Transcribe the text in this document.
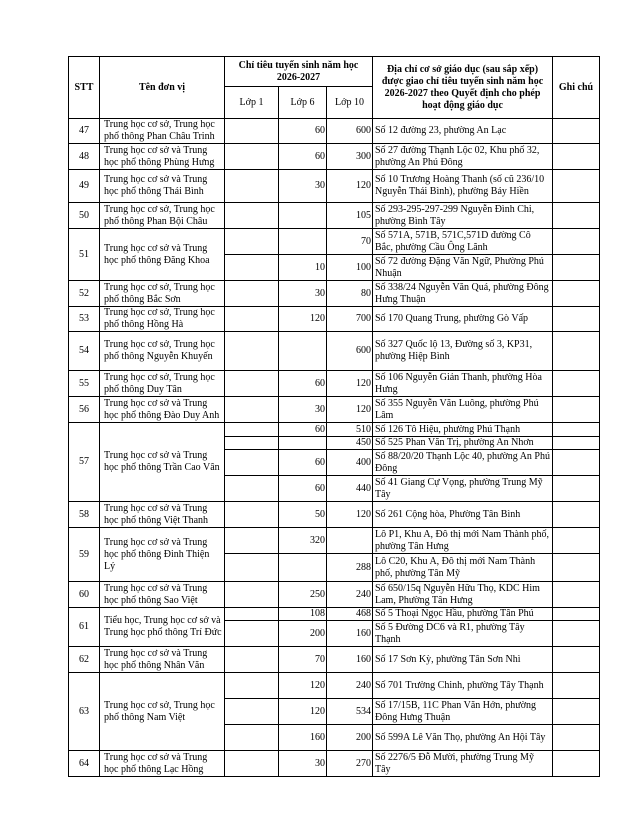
STT	Tên đơn vị	Chỉ tiêu tuyển sinh năm học 2026-2027			Địa chỉ cơ sở giáo dục (sau sắp xếp) được giao chỉ tiêu tuyển sinh năm học 2026-2027 theo Quyết định cho phép hoạt động giáo dục	Ghi chú
		Lớp 1	Lớp 6	Lớp 10		
47	Trung học cơ sở, Trung học phổ thông Phan Châu Trinh		60	600	Số 12 đường 23, phường An Lạc	
48	Trung học cơ sở và Trung học phổ thông Phùng Hưng		60	300	Số 27 đường Thạnh Lộc 02, Khu phố 32, phường An Phú Đông	
49	Trung học cơ sở và Trung học phổ thông Thái Bình		30	120	Số 10 Trương Hoàng Thanh (số cũ 236/10 Nguyễn Thái Bình), phường Bảy Hiền	
50	Trung học cơ sở, Trung học phổ thông Phan Bội Châu			105	Số 293-295-297-299 Nguyễn Đình Chi, phường Bình Tây	
51	Trung học cơ sở và Trung học phổ thông Đăng Khoa			70	Số 571A, 571B, 571C,571D đường Cô Bắc, phường Cầu Ông Lãnh	
			10	100	Số 72 đường Đặng Văn Ngữ, Phường Phú Nhuận	
52	Trung học cơ sở, Trung học phổ thông Bắc Sơn		30	80	Số 338/24 Nguyễn Văn Quá, phường Đông Hưng Thuận	
53	Trung học cơ sở, Trung học phổ thông Hồng Hà		120	700	Số 170 Quang Trung, phường Gò Vấp	
54	Trung học cơ sở, Trung học phổ thông Nguyễn Khuyến			600	Số 327 Quốc lộ 13, Đường số 3, KP31, phường Hiệp Bình	
55	Trung học cơ sở, Trung học phổ thông Duy Tân		60	120	Số 106 Nguyễn Giản Thanh, phường Hòa Hưng	
56	Trung học cơ sở và Trung học phổ thông Đào Duy Anh		30	120	Số 355 Nguyễn Văn Luông, phường Phú Lâm	
57	Trung học cơ sở và Trung học phổ thông Trần Cao Vân		60	510	Số 126 Tô Hiệu, phường Phú Thạnh	
				450	Số 525 Phan Văn Trị, phường An Nhơn	
			60	400	Số 88/20/20 Thạnh Lộc 40, phường An Phú Đông	
			60	440	Số 41 Giang Cự Vọng, phường Trung Mỹ Tây	
58	Trung học cơ sở và Trung học phổ thông Việt Thanh		50	120	Số 261 Cộng hòa, Phường Tân Bình	
59	Trung học cơ sở và Trung học phổ thông Đinh Thiện Lý		320		Lô P1, Khu A, Đô thị mới Nam Thành phố, phường Tân Hưng	
				288	Lô C20, Khu A, Đô thị mới Nam Thành phố, phường Tân Mỹ	
60	Trung học cơ sở và Trung học phổ thông Sao Việt		250	240	Số 650/15q Nguyễn Hữu Thọ, KDC Him Lam, Phường Tân Hưng	
61	Tiểu học, Trung học cơ sở và Trung học phổ thông Trí Đức		108	468	Số 5 Thoại Ngọc Hầu, phường Tân Phú	
			200	160	Số 5 Đường DC6 và R1, phường Tây Thạnh	
62	Trung học cơ sở và Trung học phổ thông Nhân Văn		70	160	Số 17 Sơn Kỳ, phường Tân Sơn Nhì	
63	Trung học cơ sở, Trung học phổ thông Nam Việt		120	240	Số 701 Trường Chinh, phường Tây Thạnh	
			120	534	Số 17/15B, 11C Phan Văn Hớn, phường Đông Hưng Thuận	
			160	200	Số 599A Lê Văn Thọ, phường An Hội Tây	
64	Trung học cơ sở và Trung học phổ thông Lạc Hồng		30	270	Số 2276/5 Đỗ Mười, phường Trung Mỹ Tây	
